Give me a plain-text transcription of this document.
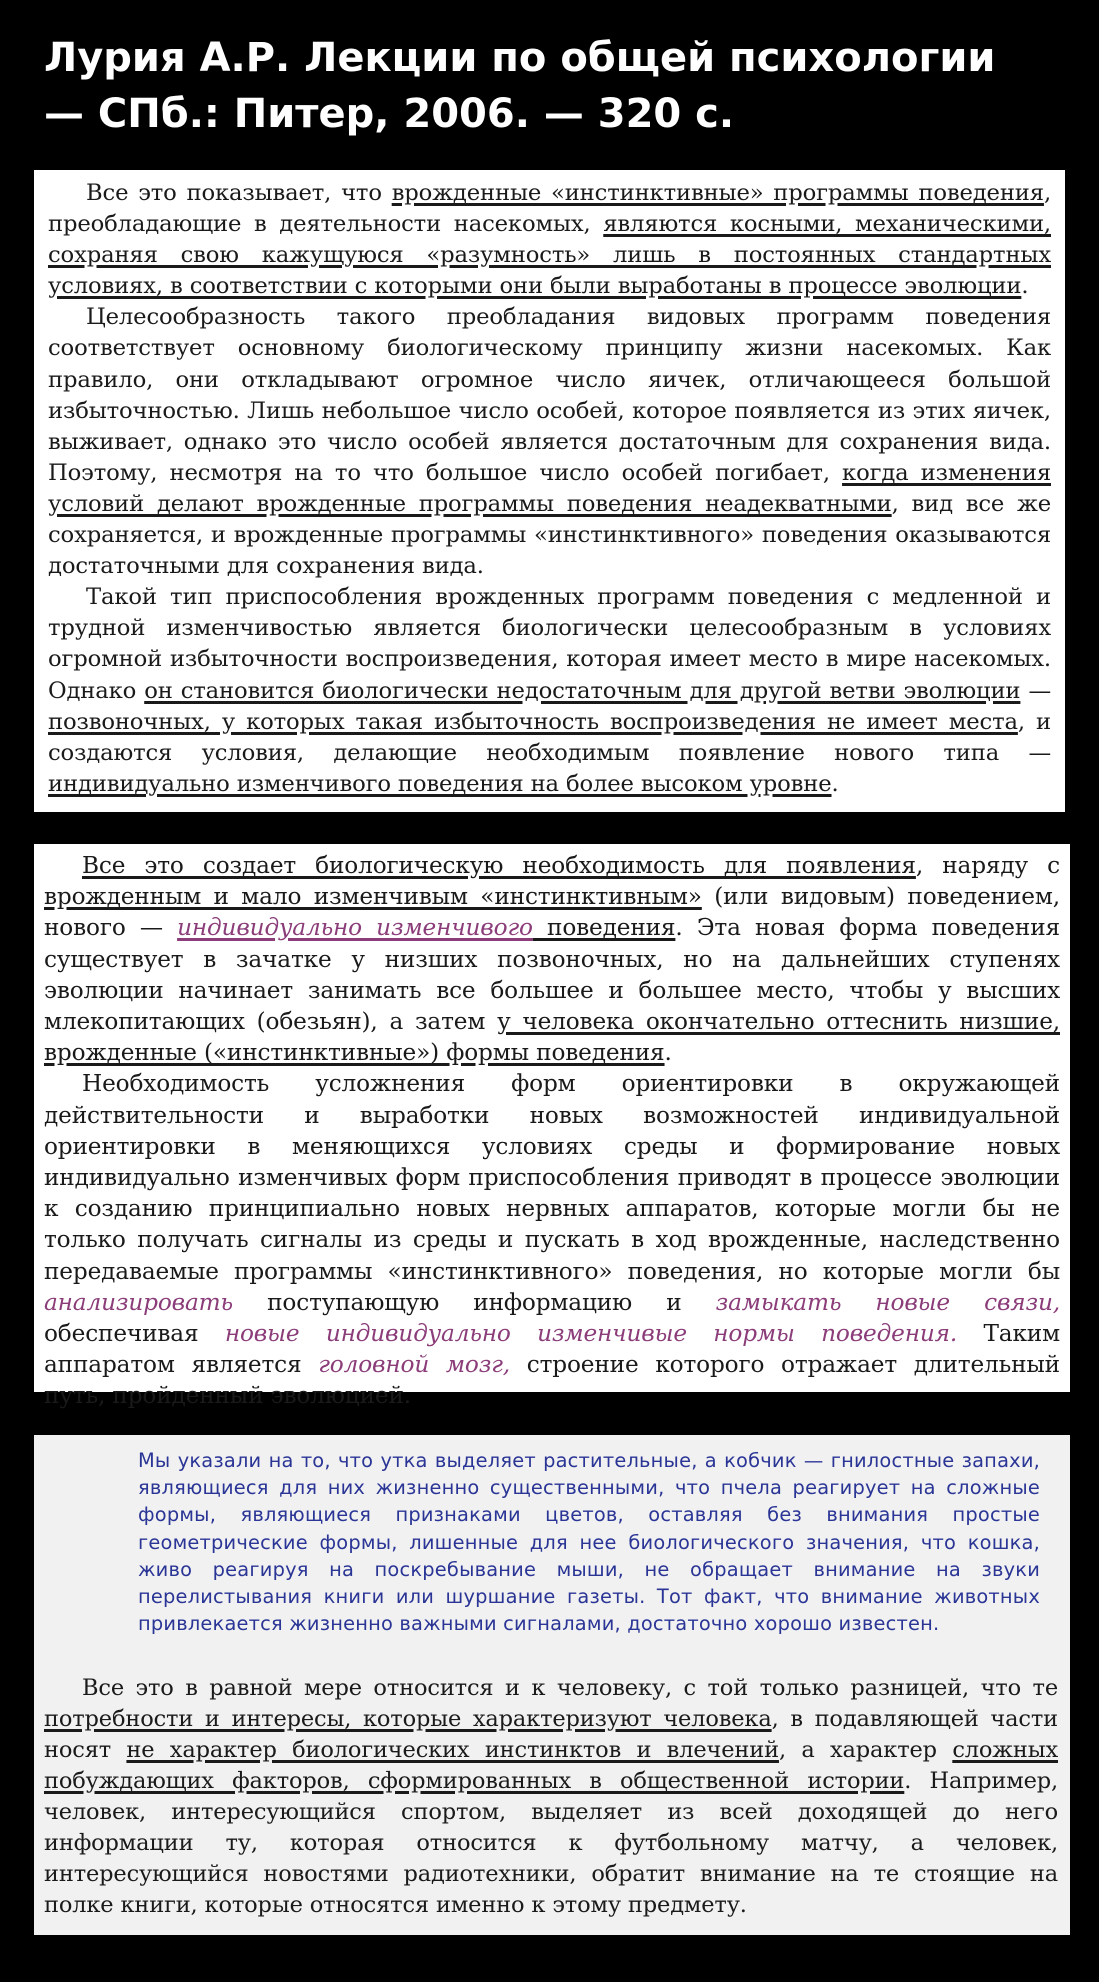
Лурия А.Р. Лекции по общей психологии
— СПб.: Питер, 2006. — 320 с.

Все это показывает, что врожденные «инстинктивные» программы поведения, преобладающие в деятельности насекомых, являются косными, механическими, сохраняя свою кажущуюся «разумность» лишь в постоянных стандартных условиях, в соответствии с которыми они были выработаны в процессе эволюции.

Целесообразность такого преобладания видовых программ поведения соответствует основному биологическому принципу жизни насекомых. Как правило, они откладывают огромное число яичек, отличающееся большой избыточностью. Лишь небольшое число особей, которое появляется из этих яичек, выживает, однако это число особей является достаточным для сохранения вида. Поэтому, несмотря на то что большое число особей погибает, когда изменения условий делают врожденные программы поведения неадекватными, вид все же сохраняется, и врожденные программы «инстинктивного» поведения оказываются достаточными для сохранения вида.

Такой тип приспособления врожденных программ поведения с медленной и трудной изменчивостью является биологически целесообразным в условиях огромной избыточности воспроизведения, которая имеет место в мире насекомых. Однако он становится биологически недостаточным для другой ветви эволюции — позвоночных, у которых такая избыточность воспроизведения не имеет места, и создаются условия, делающие необходимым появление нового типа — индивидуально изменчивого поведения на более высоком уровне.

Все это создает биологическую необходимость для появления, наряду с врожденным и мало изменчивым «инстинктивным» (или видовым) поведением, нового — индивидуально изменчивого поведения. Эта новая форма поведения существует в зачатке у низших позвоночных, но на дальнейших ступенях эволюции начинает занимать все большее и большее место, чтобы у высших млекопитающих (обезьян), а затем у человека окончательно оттеснить низшие, врожденные («инстинктивные») формы поведения.

Необходимость усложнения форм ориентировки в окружающей действительности и выработки новых возможностей индивидуальной ориентировки в меняющихся условиях среды и формирование новых индивидуально изменчивых форм приспособления приводят в процессе эволюции к созданию принципиально новых нервных аппаратов, которые могли бы не только получать сигналы из среды и пускать в ход врожденные, наследственно передаваемые программы «инстинктивного» поведения, но которые могли бы анализировать поступающую информацию и замыкать новые связи, обеспечивая новые индивидуально изменчивые нормы поведения. Таким аппаратом является головной мозг, строение которого отражает длительный путь, пройденный эволюцией.

Мы указали на то, что утка выделяет растительные, а кобчик — гнилостные запахи, являющиеся для них жизненно существенными, что пчела реагирует на сложные формы, являющиеся признаками цветов, оставляя без внимания простые геометрические формы, лишенные для нее биологического значения, что кошка, живо реагируя на поскребывание мыши, не обращает внимание на звуки перелистывания книги или шуршание газеты. Тот факт, что внимание животных привлекается жизненно важными сигналами, достаточно хорошо известен.

Все это в равной мере относится и к человеку, с той только разницей, что те потребности и интересы, которые характеризуют человека, в подавляющей части носят не характер биологических инстинктов и влечений, а характер сложных побуждающих факторов, сформированных в общественной истории. Например, человек, интересующийся спортом, выделяет из всей доходящей до него информации ту, которая относится к футбольному матчу, а человек, интересующийся новостями радиотехники, обратит внимание на те стоящие на полке книги, которые относятся именно к этому предмету.
